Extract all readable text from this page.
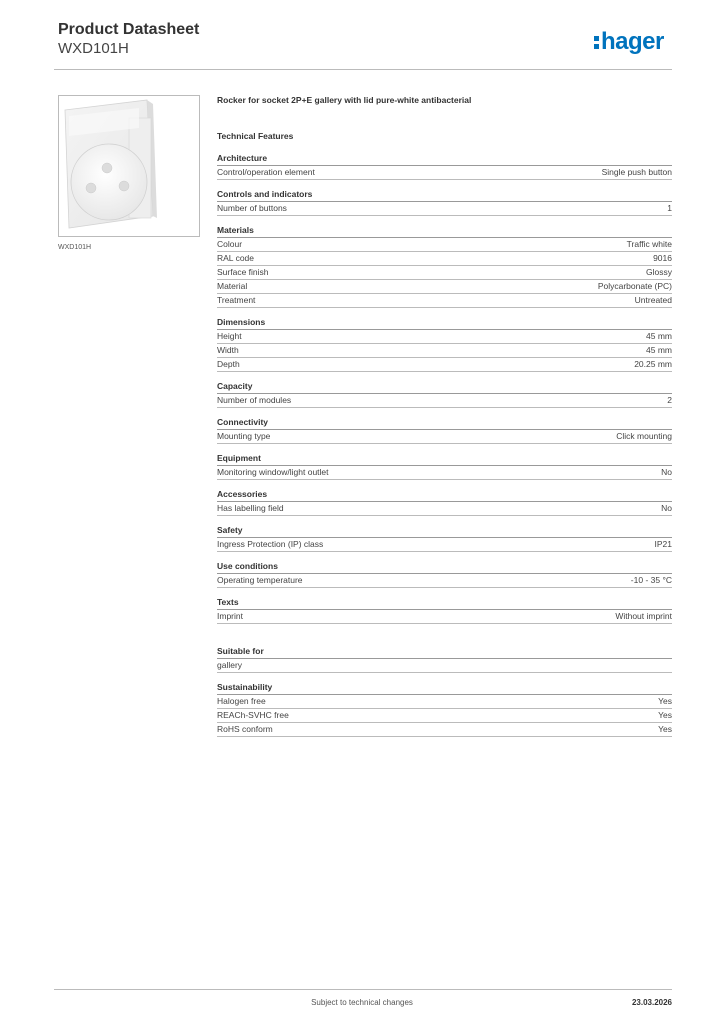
Product Datasheet
WXD101H	hager
WXD101H
Rocker for socket 2P+E gallery with lid pure-white antibacterial
Technical Features
Architecture
Control/operation element	Single push button
Controls and indicators
Number of buttons	1
Materials
Colour	Traffic white
RAL code	9016
Surface finish	Glossy
Material	Polycarbonate (PC)
Treatment	Untreated
Dimensions
Height	45 mm
Width	45 mm
Depth	20.25 mm
Capacity
Number of modules	2
Connectivity
Mounting type	Click mounting
Equipment
Monitoring window/light outlet	No
Accessories
Has labelling field	No
Safety
Ingress Protection (IP) class	IP21
Use conditions
Operating temperature	-10 - 35 °C
Texts
Imprint	Without imprint
Suitable for
gallery
Sustainability
Halogen free	Yes
REACh-SVHC free	Yes
RoHS conform	Yes
Subject to technical changes	23.03.2026
